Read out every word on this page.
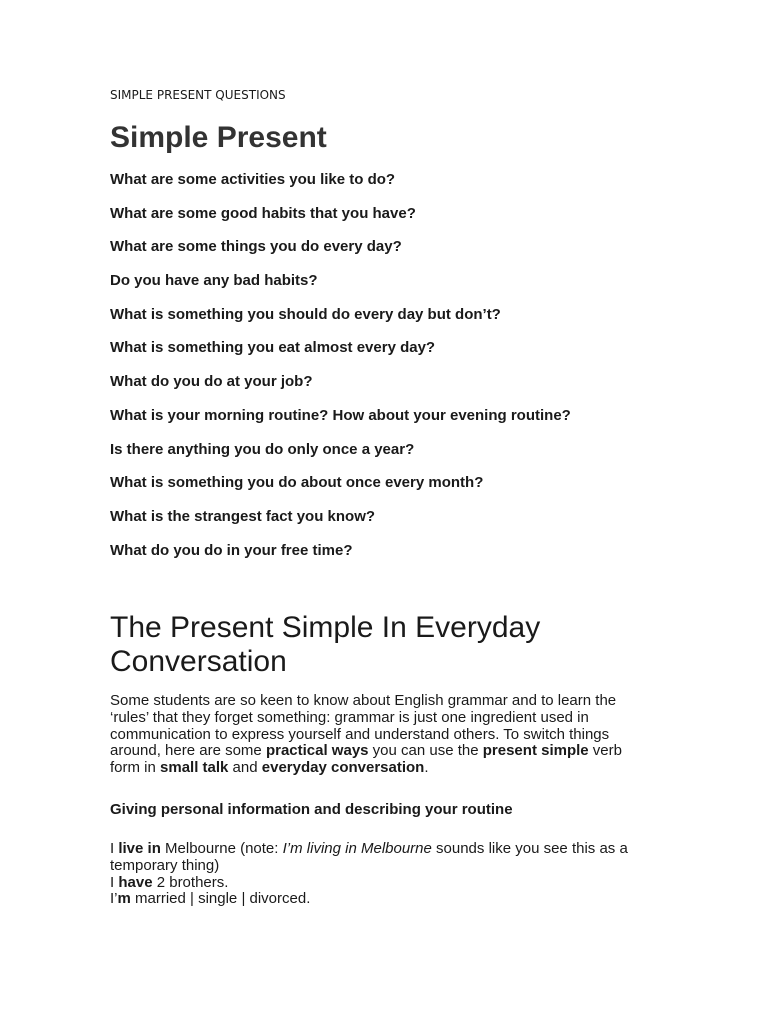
SIMPLE PRESENT QUESTIONS
Simple Present
What are some activities you like to do?
What are some good habits that you have?
What are some things you do every day?
Do you have any bad habits?
What is something you should do every day but don’t?
What is something you eat almost every day?
What do you do at your job?
What is your morning routine? How about your evening routine?
Is there anything you do only once a year?
What is something you do about once every month?
What is the strangest fact you know?
What do you do in your free time?
The Present Simple In Everyday Conversation

Some students are so keen to know about English grammar and to learn the ‘rules’ that they forget something: grammar is just one ingredient used in communication to express yourself and understand others. To switch things around, here are some practical ways you can use the present simple verb form in small talk and everyday conversation.

Giving personal information and describing your routine

I live in Melbourne (note: I’m living in Melbourne sounds like you see this as a temporary thing)
I have 2 brothers.
I’m married | single | divorced.
